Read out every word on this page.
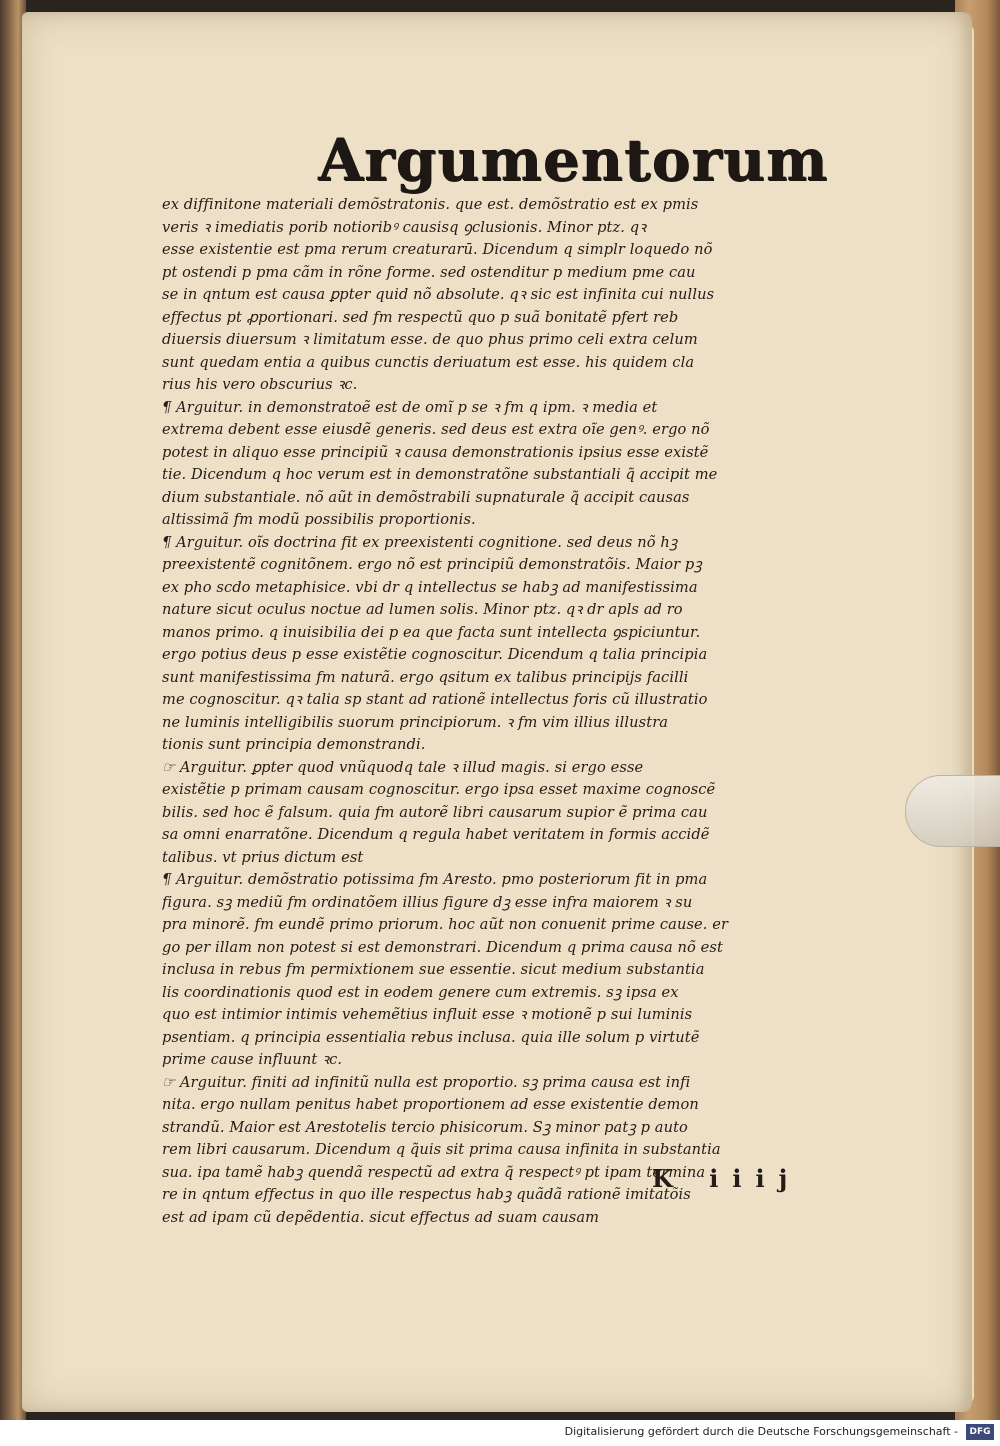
Argumentorum
ex diffinitone materiali demõstratonis. que est. demõstratio est ex pmis
veris ꝛ imediatis porib notioribꝰ causisq ꝯclusionis. Minor ptz. qꝛ
esse existentie est pma rerum creaturarū. Dicendum q simplr loquedo nõ
pt ostendi p pma cãm in rõne forme. sed ostenditur p medium pme cau
se in qntum est causa ꝑpter quid nõ absolute. qꝛ sic est infinita cui nullus
effectus pt ꝓportionari. sed fm respectũ quo p suã bonitatẽ pfert reb
diuersis diuersum ꝛ limitatum esse. de quo phus primo celi extra celum
sunt quedam entia a quibus cunctis deriuatum est esse. his quidem cla
rius his vero obscurius ꝛc.
¶ Arguitur. in demonstratoẽ est de omĩ p se ꝛ fm q ipm. ꝛ media et
extrema debent esse eiusdẽ generis. sed deus est extra oĩe genꝰ. ergo nõ
potest in aliquo esse principiũ ꝛ causa demonstrationis ipsius esse existẽ
tie. Dicendum q hoc verum est in demonstratõne substantiali q̃ accipit me
dium substantiale. nõ aũt in demõstrabili supnaturale q̃ accipit causas
altissimã fm modũ possibilis proportionis.
¶ Arguitur. oĩs doctrina fit ex preexistenti cognitione. sed deus nõ hꝫ
preexistentẽ cognitõnem. ergo nõ est principiũ demonstratõis. Maior pꝫ
ex pho scdo metaphisice. vbi dr q intellectus se habꝫ ad manifestissima
nature sicut oculus noctue ad lumen solis. Minor ptz. qꝛ dr apls ad ro
manos primo. q inuisibilia dei p ea que facta sunt intellecta ꝯspiciuntur.
ergo potius deus p esse existẽtie cognoscitur. Dicendum q talia principia
sunt manifestissima fm naturã. ergo qsitum ex talibus principijs facilli
me cognoscitur. qꝛ talia sp stant ad rationẽ intellectus foris cũ illustratio
ne luminis intelligibilis suorum principiorum. ꝛ fm vim illius illustra
tionis sunt principia demonstrandi.
☞ Arguitur. ꝑpter quod vnũquodq tale ꝛ illud magis. si ergo esse
existẽtie p primam causam cognoscitur. ergo ipsa esset maxime cognoscẽ
bilis. sed hoc ẽ falsum. quia fm autorẽ libri causarum supior ẽ prima cau
sa omni enarratõne. Dicendum q regula habet veritatem in formis accidẽ
talibus. vt prius dictum est
¶ Arguitur. demõstratio potissima fm Aresto. pmo posteriorum fit in pma
figura. sꝫ mediũ fm ordinatõem illius figure dꝫ esse infra maiorem ꝛ su
pra minorẽ. fm eundẽ primo priorum. hoc aũt non conuenit prime cause. er
go per illam non potest si est demonstrari. Dicendum q prima causa nõ est
inclusa in rebus fm permixtionem sue essentie. sicut medium substantia
lis coordinationis quod est in eodem genere cum extremis. sꝫ ipsa ex
quo est intimior intimis vehemẽtius influit esse ꝛ motionẽ p sui luminis
psentiam. q principia essentialia rebus inclusa. quia ille solum p virtutẽ
prime cause influunt ꝛc.
☞ Arguitur. finiti ad infinitũ nulla est proportio. sꝫ prima causa est infi
nita. ergo nullam penitus habet proportionem ad esse existentie demon
strandũ. Maior est Arestotelis tercio phisicorum. Sꝫ minor patꝫ p auto
rem libri causarum. Dicendum q q̃uis sit prima causa infinita in substantia
sua. ipa tamẽ habꝫ quendã respectũ ad extra q̃ respectꝰ pt ipam termina
re in qntum effectus in quo ille respectus habꝫ quãdã rationẽ imitatõis
est ad ipam cũ depẽdentia. sicut effectus ad suam causam
K iiij
Digitalisierung gefördert durch die Deutsche Forschungsgemeinschaft -	DFG
